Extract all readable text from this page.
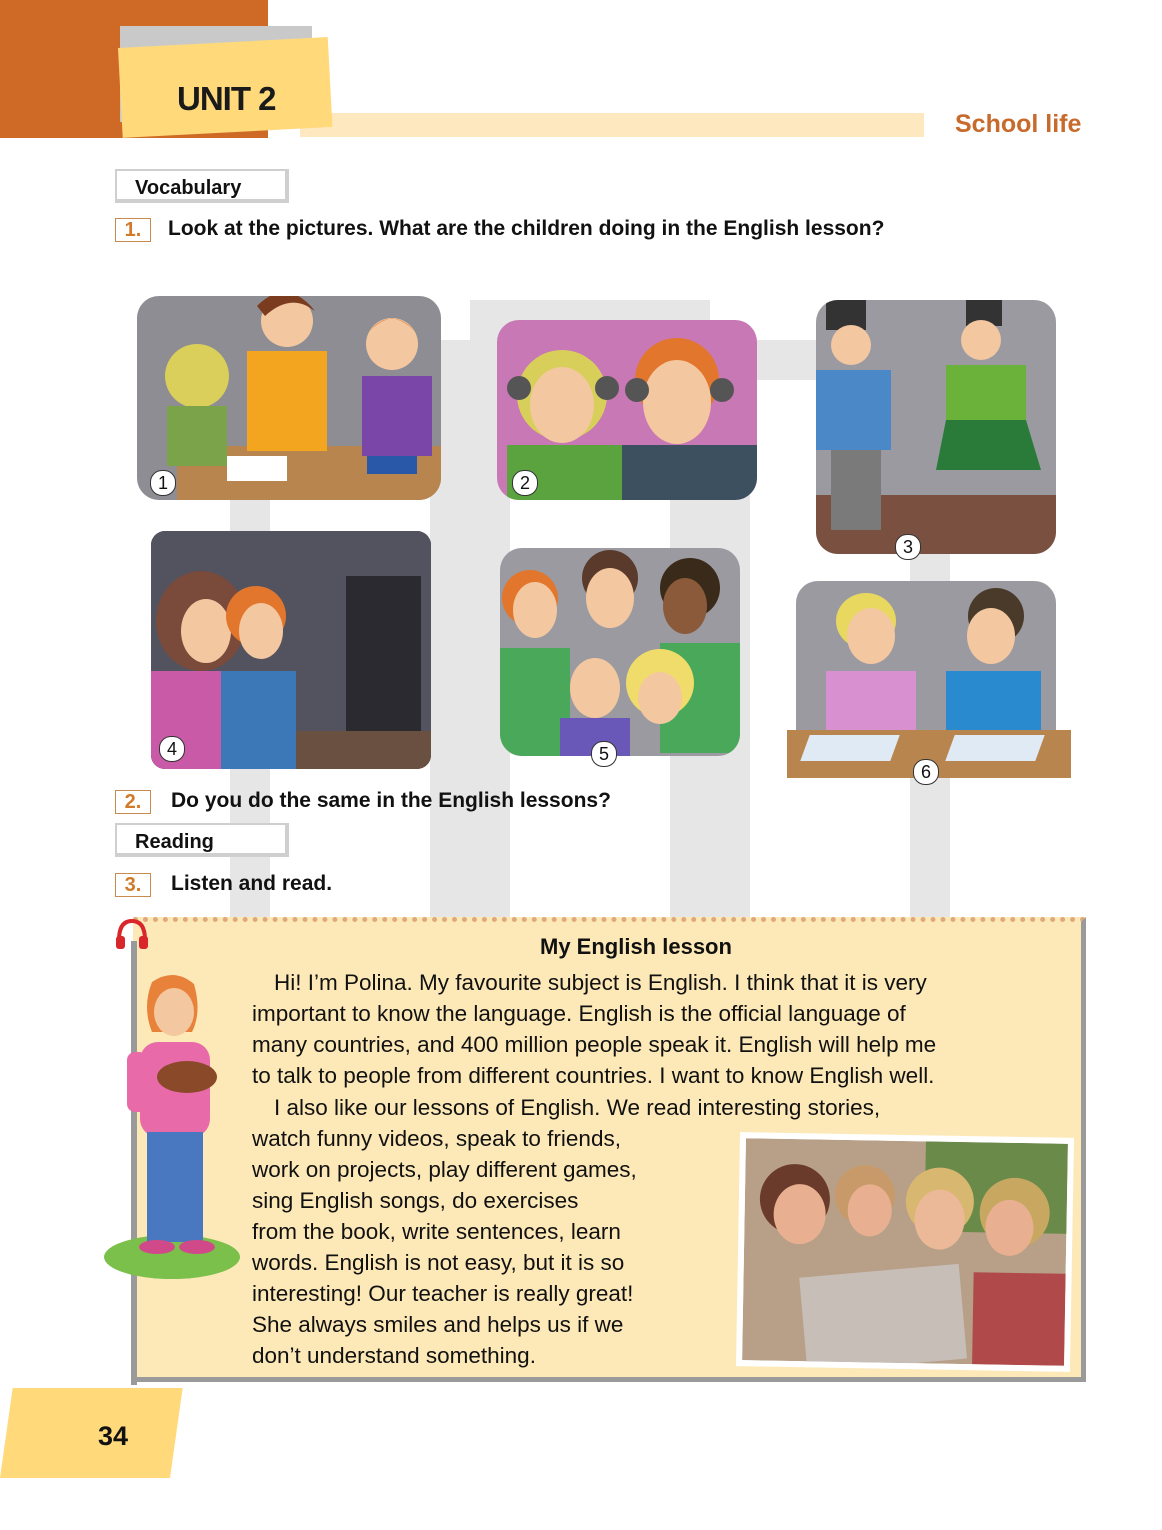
UNIT 2
School life
Vocabulary
1.	Look at the pictures. What are the children doing in the English lesson?
1	2
3
4	5
6
2.	Do you do the same in the English lessons?
Reading
3.	Listen and read.
My English lesson
Hi! I’m Polina. My favourite subject is English. I think that it is very
important to know the language. English is the official language of
many countries, and 400 million people speak it. English will help me
to talk to people from different countries. I want to know English well.
I also like our lessons of English. We read interesting stories,
watch funny videos, speak to friends,
work on projects, play different games,
sing English songs, do exercises
from the book, write sentences, learn
words. English is not easy, but it is so
interesting! Our teacher is really great!
She always smiles and helps us if we
don’t understand something.
34
